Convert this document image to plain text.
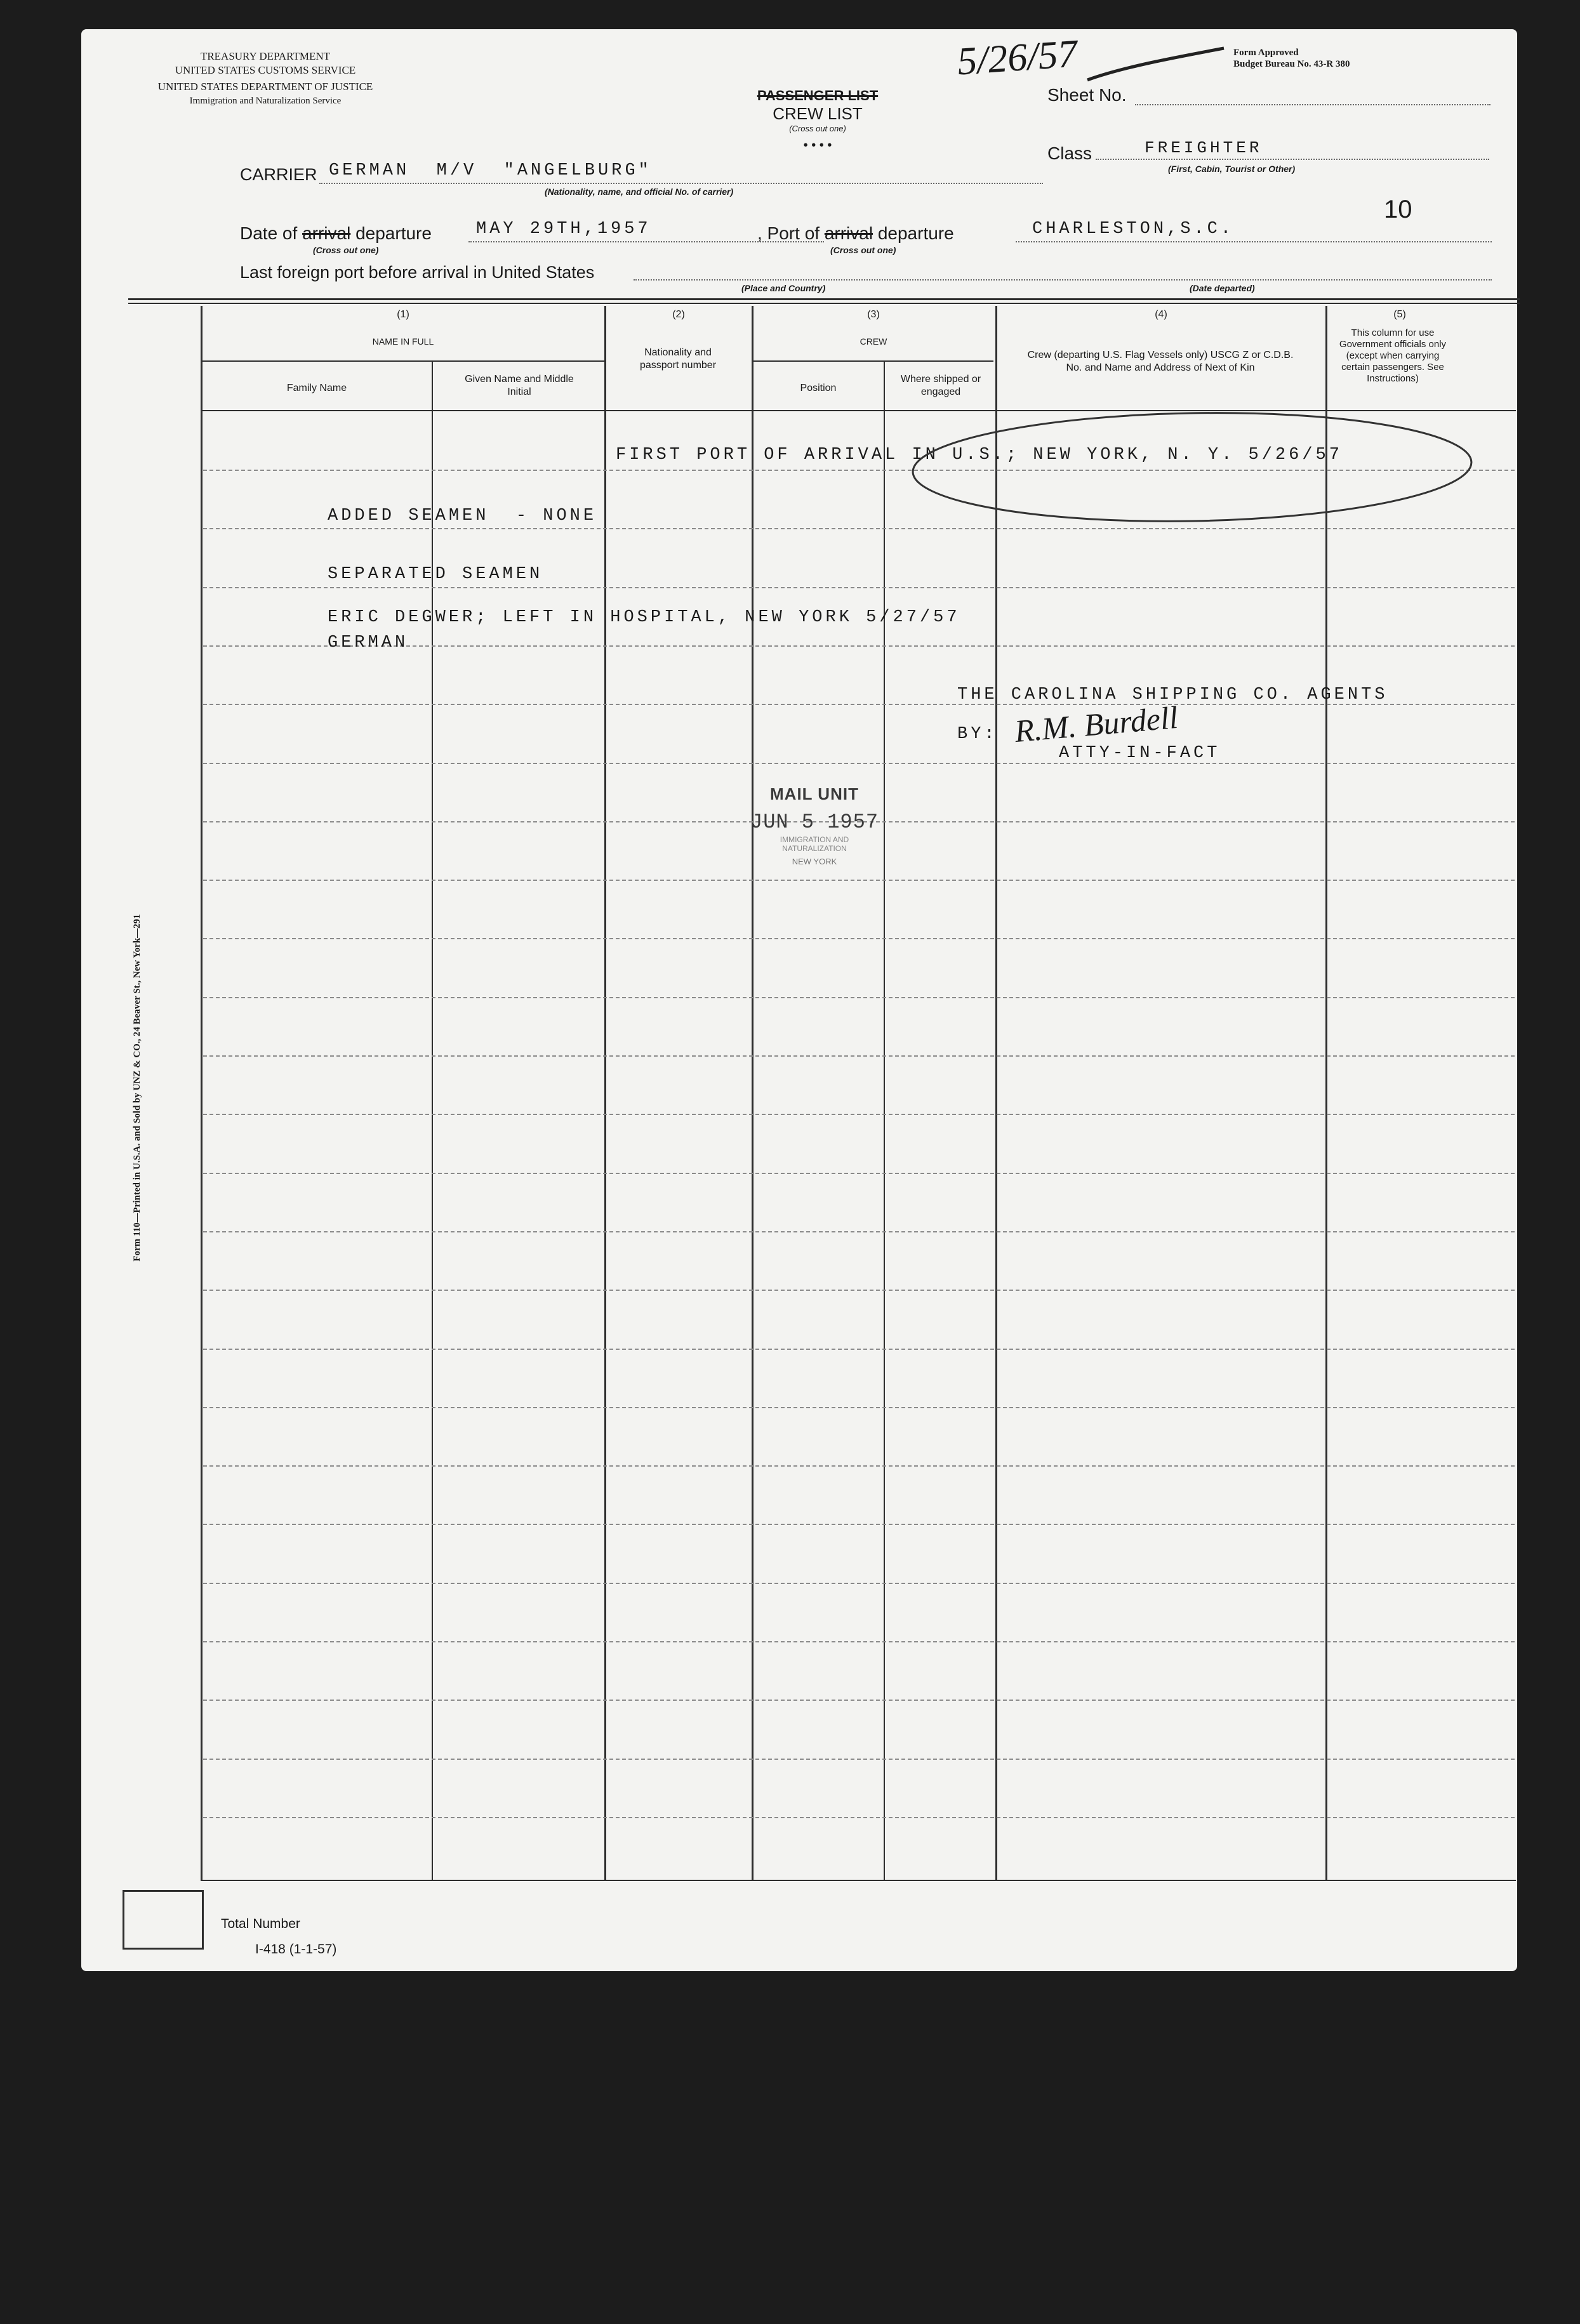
TREASURY DEPARTMENT
UNITED STATES CUSTOMS SERVICE
UNITED STATES DEPARTMENT OF JUSTICE
Immigration and Naturalization Service	PASSENGER LIST
CREW LIST
(Cross out one)
• • • •
5/26/57	Form Approved
Budget Bureau No. 43-R 380
Sheet No.
Class	FREIGHTER
(First, Cabin, Tourist or Other)
10
CARRIER GERMAN  M/V  "ANGELBURG"
(Nationality, name, and official No. of carrier)
Date of arrival departure	MAY 29TH,1957
(Cross out one)
, Port of arrival departure	CHARLESTON,S.C.
(Cross out one)
Last foreign port before arrival in United States
(Place and Country)	(Date departed)
(1)
NAME IN FULL
Family Name
Given Name and Middle Initial
(2)
Nationality and passport number
(3)
CREW
Position
Where shipped or engaged
(4)
Crew (departing U.S. Flag Vessels only) USCG Z or C.D.B. No. and Name and Address of Next of Kin
(5)
This column for use Government officials only (except when carrying certain passengers. See Instructions)
FIRST PORT OF ARRIVAL IN U.S.; NEW YORK, N. Y. 5/26/57
ADDED SEAMEN  - NONE
SEPARATED SEAMEN
ERIC DEGWER; LEFT IN HOSPITAL, NEW YORK 5/27/57
GERMAN
THE CAROLINA SHIPPING CO. AGENTS
BY: R.M. Burdell
ATTY-IN-FACT
MAIL UNIT
JUN 5 1957
IMMIGRATION AND
NATURALIZATION
NEW YORK
Form 110—Printed in U.S.A. and Sold by UNZ & CO., 24 Beaver St., New York—291
Total Number
I-418 (1-1-57)
